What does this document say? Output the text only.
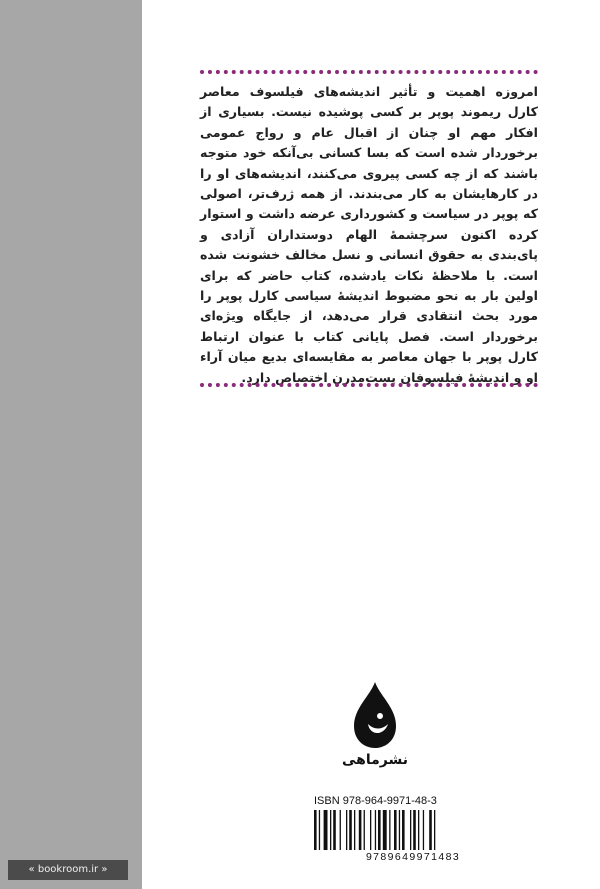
امروزه اهمیت و تأثیر اندیشه‌های فیلسوف معاصر کارل ریموند پوپر بر کسی پوشیده نیست. بسیاری از افکار مهم او چنان از اقبال عام و رواج عمومی برخوردار شده است که بسا کسانی بی‌آنکه خود متوجه باشند که از چه کسی پیروی می‌کنند، اندیشه‌های او را در کارهایشان به کار می‌بندند. از همه ژرف‌تر، اصولی که پوپر در سیاست و کشورداری عرضه داشت و استوار کرده اکنون سرچشمهٔ الهام دوستداران آزادی و پای‌بندی به حقوق انسانی و نسل مخالف خشونت شده است. با ملاحظهٔ نکات یادشده، کتاب حاضر که برای اولین بار به نحو مضبوط اندیشهٔ سیاسی کارل پوپر را مورد بحث انتقادی قرار می‌دهد، از جایگاه ویژه‌ای برخوردار است. فصل پایانی کتاب با عنوان ارتباط کارل پوپر با جهان معاصر به مقایسه‌ای بدیع میان آراء او و اندیشهٔ فیلسوفان پست‌مدرن اختصاص دارد.
نشرماهی
ISBN 978-964-9971-48-3
9789649971483
« bookroom.ir »
